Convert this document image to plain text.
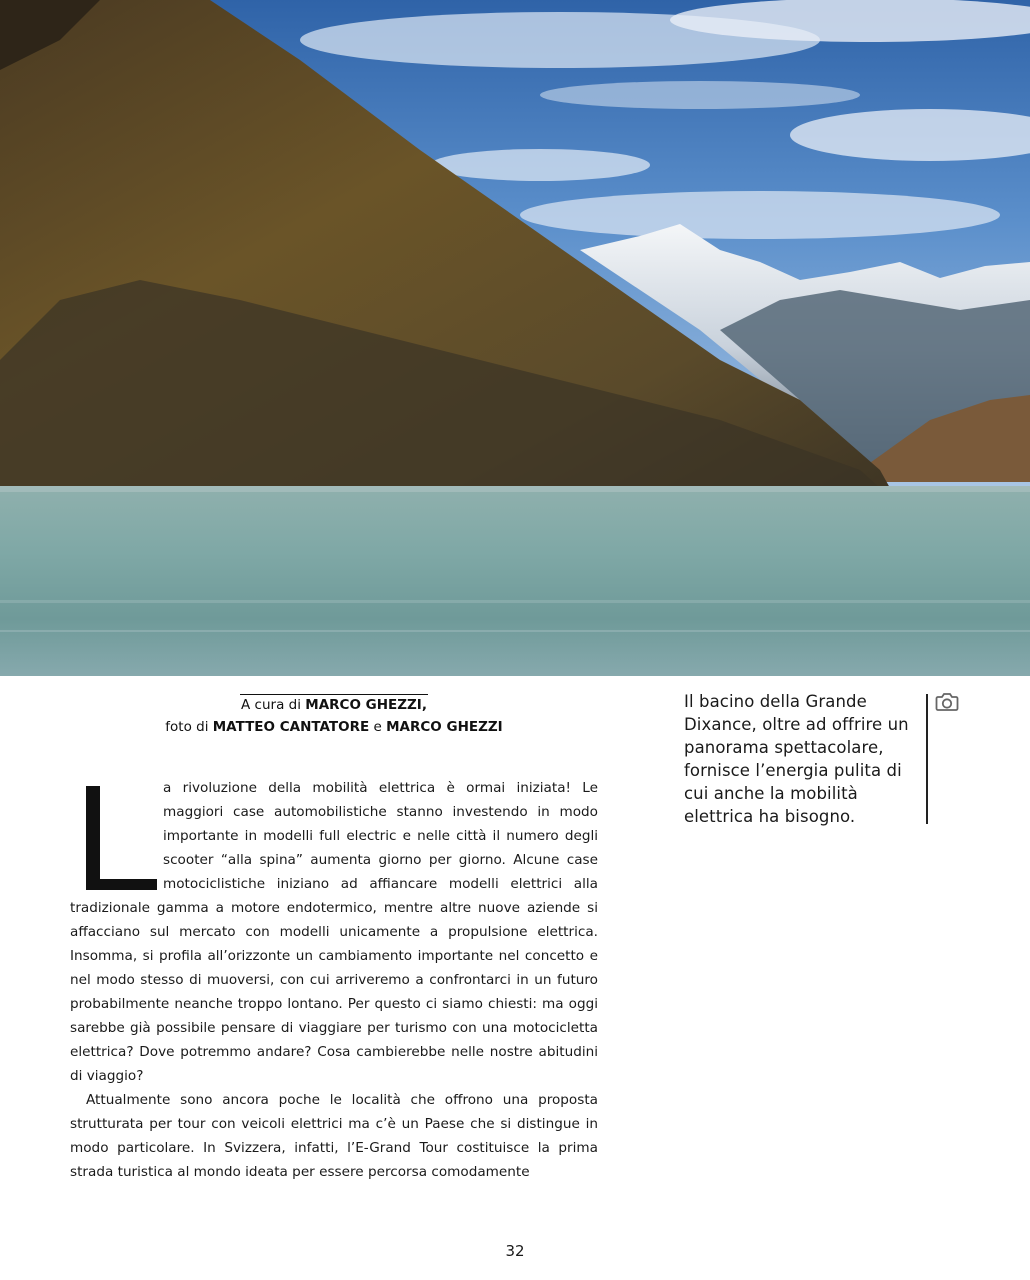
A cura di MARCO GHEZZI,
foto di MATTEO CANTATORE e MARCO GHEZZI

a rivoluzione della mobilità elettrica è ormai iniziata! Le maggiori case automobilistiche stanno investendo in modo importante in modelli full electric e nelle città il numero degli scooter “alla spina” aumenta giorno per giorno. Alcune case motociclistiche iniziano ad affiancare modelli elettrici alla tradizionale gamma a motore endotermico, mentre altre nuove aziende si affacciano sul mercato con modelli unicamente a propulsione elettrica. Insomma, si profila all’orizzonte un cambiamento importante nel concetto e nel modo stesso di muoversi, con cui arriveremo a confrontarci in un futuro probabilmente neanche troppo lontano. Per questo ci siamo chiesti: ma oggi sarebbe già possibile pensare di viaggiare per turismo con una motocicletta elettrica? Dove potremmo andare? Cosa cambierebbe nelle nostre abitudini di viaggio?

Attualmente sono ancora poche le località che offrono una proposta strutturata per tour con veicoli elettrici ma c’è un Paese che si distingue in modo particolare. In Svizzera, infatti, l’E-Grand Tour costituisce la prima strada turistica al mondo ideata per essere percorsa comodamente

Il bacino della Grande Dixance, oltre ad offrire un panorama spettacolare, fornisce l’energia pulita di cui anche la mobilità elettrica ha bisogno.
32
